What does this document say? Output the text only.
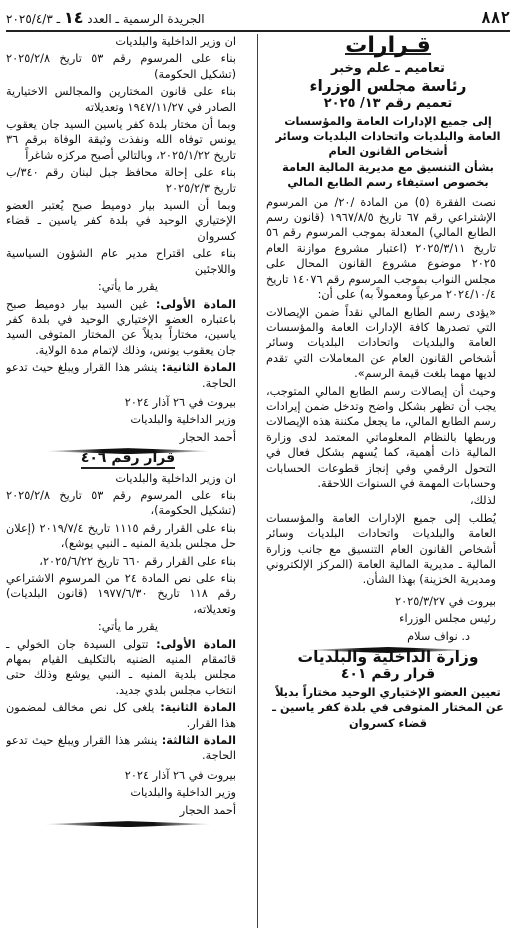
٨٨٢
الجريدة الرسمية ـ العدد ١٤ ـ ٢٠٢٥/٤/٣
قـرارات
تعاميم ـ علم وخبر
رئاسة مجلس الوزراء
تعميم رقم ١٣/ ٢٠٢٥
إلى جميع الإدارات العامة والمؤسسات العامة والبلديات واتحادات البلديات وسائر أشخاص القانون العام
بشأن التنسيق مع مديرية المالية العامة بخصوص استيفاء رسم الطابع المالي

نصت الفقرة (٥) من المادة /٢٠/ من المرسوم الإشتراعي رقم ٦٧ تاريخ ١٩٦٧/٨/٥ (قانون رسم الطابع المالي) المعدلة بموجب المرسوم رقم ٥٦ تاريخ ٢٠٢٥/٣/١١ (اعتبار مشروع موازنة العام ٢٠٢٥ موضوع مشروع القانون المحال على مجلس النواب بموجب المرسوم رقم ١٤٠٧٦ تاريخ ٢٠٢٤/١٠/٤ مرعياً ومعمولاً به) على أن:

«يؤدى رسم الطابع المالي نقداً ضمن الإيصالات التي تصدرها كافة الإدارات العامة والمؤسسات العامة والبلديات واتحادات البلديات وسائر أشخاص القانون العام عن المعاملات التي تقدم لديها مهما بلغت قيمة الرسم».

وحيث أن إيصالات رسم الطابع المالي المتوجب، يجب أن تظهر بشكل واضح وتدخل ضمن إيرادات رسم الطابع المالي، ما يجعل مكننة هذه الإيصالات وربطها بالنظام المعلوماتي المعتمد لدى وزارة المالية ذات أهمية، كما يُسهم بشكل فعال في التحول الرقمي وفي إنجاز قطوعات الحسابات وحسابات المهمة في السنوات اللاحقة.

لذلك،

يُطلب إلى جميع الإدارات العامة والمؤسسات العامة والبلديات واتحادات البلديات وسائر أشخاص القانون العام التنسيق مع جانب وزارة المالية ـ مديرية المالية العامة (المركز الإلكتروني ومديرية الخزينة) بهذا الشأن.

بيروت في ٢٠٢٥/٣/٢٧

رئيس مجلس الوزراء

د. نواف سلام

وزارة الداخلية والبلديات
قرار رقم ٤٠١
تعيين العضو الإختياري الوحيد مختاراً بديلاً عن المختار المتوفى في بلدة كفر ياسين ـ قضاء كسروان

ان وزير الداخلية والبلديات

بناء على المرسوم رقم ٥٣ تاريخ ٢٠٢٥/٢/٨ (تشكيل الحكومة)

بناء على قانون المختارين والمجالس الاختيارية الصادر في ١٩٤٧/١١/٢٧ وتعديلاته

وبما أن مختار بلدة كفر ياسين السيد جان يعقوب يونس توفاه الله ونفذت وثيقة الوفاة برقم ٣٦ تاريخ ٢٠٢٥/١/٢٢، وبالتالي أصبح مركزه شاغراً

بناء على إحالة محافظ جبل لبنان رقم ٣٤٠/ب تاريخ ٢٠٢٥/٢/٣

وبما أن السيد بيار دوميط صبح يُعتبر العضو الإختياري الوحيد في بلدة كفر ياسين ـ قضاء كسروان

بناء على اقتراح مدير عام الشؤون السياسية واللاجئين

يقرر ما يأتي:

المادة الأولى: غين السيد بيار دوميط صبح باعتباره العضو الإختياري الوحيد في بلدة كفر ياسين، مختاراً بديلاً عن المختار المتوفى السيد جان يعقوب يونس، وذلك لإتمام مدة الولاية.

المادة الثانية: ينشر هذا القرار ويبلغ حيث تدعو الحاجة.

بيروت في ٢٦ آذار ٢٠٢٤

وزير الداخلية والبلديات

أحمد الحجار

قرار رقم ٤٠٦

ان وزير الداخلية والبلديات

بناء على المرسوم رقم ٥٣ تاريخ ٢٠٢٥/٢/٨ (تشكيل الحكومة)،

بناء على القرار رقم ١١١٥ تاريخ ٢٠١٩/٧/٤ (إعلان حل مجلس بلدية المنيه ـ النبي يوشع)،

بناء على القرار رقم ٦٦٠ تاريخ ٢٠٢٥/٦/٢٢،

بناء على نص المادة ٢٤ من المرسوم الاشتراعي رقم ١١٨ تاريخ ١٩٧٧/٦/٣٠ (قانون البلديات) وتعديلاته،

يقرر ما يأتي:

المادة الأولى: تتولى السيدة جان الخولي ـ قائمقام المنيه الضنيه بالتكليف القيام بمهام مجلس بلدية المنيه ـ النبي يوشع وذلك حتى انتخاب مجلس بلدي جديد.

المادة الثانية: يلغى كل نص مخالف لمضمون هذا القرار.

المادة الثالثة: ينشر هذا القرار ويبلغ حيث تدعو الحاجة.

بيروت في ٢٦ آذار ٢٠٢٤

وزير الداخلية والبلديات

أحمد الحجار
